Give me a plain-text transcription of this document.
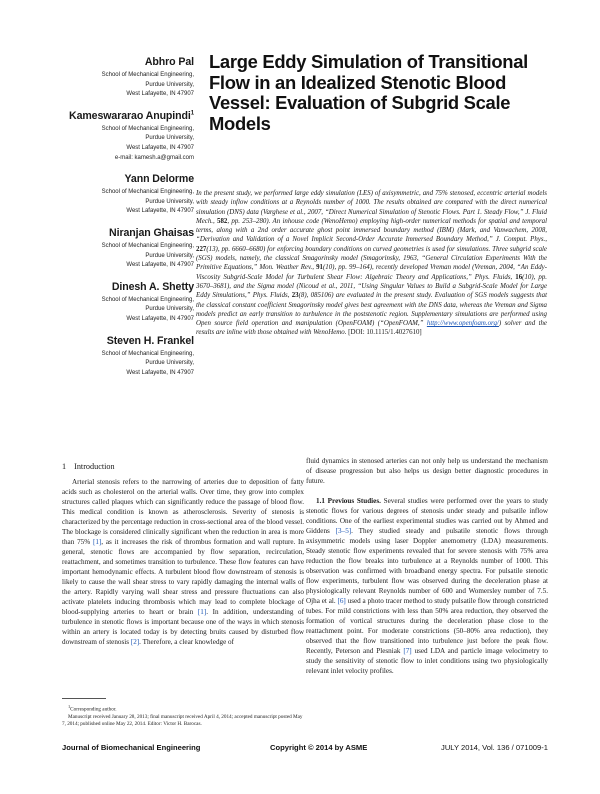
Abhro Pal
School of Mechanical Engineering,
Purdue University,
West Lafayette, IN 47907
Kameswararao Anupindi$^1$
School of Mechanical Engineering,
Purdue University,
West Lafayette, IN 47907
e-mail: kamesh.a@gmail.com
Yann Delorme
School of Mechanical Engineering,
Purdue University,
West Lafayette, IN 47907
Niranjan Ghaisas
School of Mechanical Engineering,
Purdue University,
West Lafayette, IN 47907
Dinesh A. Shetty
School of Mechanical Engineering,
Purdue University,
West Lafayette, IN 47907
Steven H. Frankel
School of Mechanical Engineering,
Purdue University,
West Lafayette, IN 47907
Large Eddy Simulation of Transitional Flow in an Idealized Stenotic Blood Vessel: Evaluation of Subgrid Scale Models

In the present study, we performed large eddy simulation (LES) of axisymmetric, and 75% stenosed, eccentric arterial models with steady inflow conditions at a Reynolds number of 1000. The results obtained are compared with the direct numerical simulation (DNS) data (Varghese et al., 2007, “Direct Numerical Simulation of Stenotic Flows. Part 1. Steady Flow,” J. Fluid Mech., 582, pp. 253–280). An inhouse code (WenoHemo) employing high-order numerical methods for spatial and temporal terms, along with a 2nd order accurate ghost point immersed boundary method (IBM) (Mark, and Vanwachem, 2008, “Derivation and Validation of a Novel Implicit Second-Order Accurate Immersed Boundary Method,” J. Comput. Phys., 227(13), pp. 6660–6680) for enforcing boundary conditions on curved geometries is used for simulations. Three subgrid scale (SGS) models, namely, the classical Smagorinsky model (Smagorinsky, 1963, “General Circulation Experiments With the Primitive Equations,” Mon. Weather Rev., 91(10), pp. 99–164), recently developed Vreman model (Vreman, 2004, “An Eddy-Viscosity Subgrid-Scale Model for Turbulent Shear Flow: Algebraic Theory and Applications,” Phys. Fluids, 16(10), pp. 3670–3681), and the Sigma model (Nicoud et al., 2011, “Using Singular Values to Build a Subgrid-Scale Model for Large Eddy Simulations,” Phys. Fluids, 23(8), 085106) are evaluated in the present study. Evaluation of SGS models suggests that the classical constant coefficient Smagorinsky model gives best agreement with the DNS data, whereas the Vreman and Sigma models predict an early transition to turbulence in the poststenotic region. Supplementary simulations are performed using Open source field operation and manipulation (OpenFOAM) (“OpenFOAM,” http://www.openfoam.org/) solver and the results are inline with those obtained with WenoHemo. [DOI: 10.1115/1.4027610]

1 Introduction

Arterial stenosis refers to the narrowing of arteries due to deposition of fatty acids such as cholesterol on the arterial walls. Over time, they grow into complex structures called plaques which can significantly reduce the passage of blood flow. This medical condition is known as atherosclerosis. Severity of stenosis is characterized by the percentage reduction in cross-sectional area of the blood vessel. The blockage is considered clinically significant when the reduction in area is more than 75% [1], as it increases the risk of thrombus formation and wall rupture. In general, stenotic flows are accompanied by flow separation, recirculation, reattachment, and sometimes transition to turbulence. These flow features can have important hemodynamic effects. A turbulent blood flow downstream of stenosis is likely to cause the wall shear stress to vary rapidly damaging the internal walls of the artery. Rapidly varying wall shear stress and pressure fluctuations can also activate platelets inducing thrombosis which may lead to complete blockage of blood-supplying arteries to heart or brain [1]. In addition, understanding of turbulence in stenotic flows is important because one of the ways in which stenosis within an artery is located today is by detecting bruits caused by disturbed flow downstream of stenosis [2]. Therefore, a clear knowledge of

fluid dynamics in stenosed arteries can not only help us understand the mechanism of disease progression but also helps us design better diagnostic procedures in future.

1.1 Previous Studies. Several studies were performed over the years to study stenotic flows for various degrees of stenosis under steady and pulsatile inflow conditions. One of the earliest experimental studies was carried out by Ahmed and Giddens [3–5]. They studied steady and pulsatile stenotic flows through axisymmetric models using laser Doppler anemometry (LDA) measurements. Steady stenotic flow experiments revealed that for severe stenosis with 75% area reduction the flow breaks into turbulence at a Reynolds number of 1000. This observation was confirmed with broadband energy spectra. For pulsatile stenotic flow experiments, turbulent flow was observed during the deceleration phase at physiologically relevant Reynolds number of 600 and Womersley number of 7.5. Ojha et al. [6] used a photo tracer method to study pulsatile flow through constricted tubes. For mild constrictions with less than 50% area reduction, they observed the formation of vortical structures during the deceleration phase close to the reattachment point. For moderate constrictions (50–80% area reduction), they observed that the flow transitioned into turbulence just before the peak flow. Recently, Peterson and Plesniak [7] used LDA and particle image velocimetry to study the sensitivity of stenotic flow to inlet conditions using two physiologically relevant inlet velocity profiles.

$^1$Corresponding author.

Manuscript received January 28, 2013; final manuscript received April 4, 2014; accepted manuscript posted May 7, 2014; published online May 22, 2014. Editor: Victor H. Barocas.

Journal of Biomechanical Engineering	Copyright © 2014 by ASME	JULY 2014, Vol. 136 / 071009-1
